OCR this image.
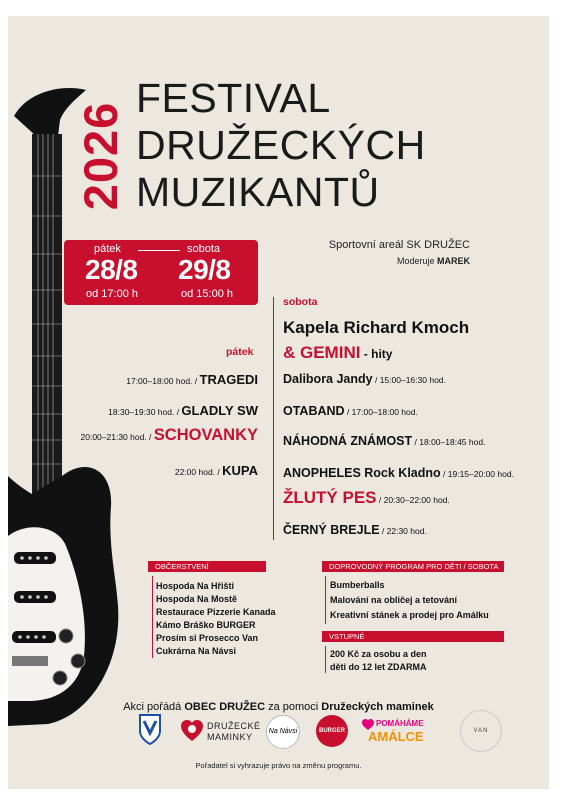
2026
FESTIVAL
DRUŽECKÝCH
MUZIKANTŮ
pátek	sobota
28/8 29/8
od 17:00 h	od 15:00 h
Sportovní areál SK DRUŽEC
Moderuje MAREK
pátek
17:00–18:00 hod. / TRAGEDI
18:30–19:30 hod. / GLADLY SW
20:00–21:30 hod. / SCHOVANKY
22:00 hod. / KUPA
sobota
Kapela Richard Kmoch
& GEMINI - hity
Dalibora Jandy / 15:00–16:30 hod.
OTABAND / 17:00–18:00 hod.
NÁHODNÁ ZNÁMOST / 18:00–18:45 hod.
ANOPHELES Rock Kladno / 19:15–20:00 hod.
ŽLUTÝ PES / 20:30–22:00 hod.
ČERNÝ BREJLE / 22:30 hod.
OBČERSTVENÍ
Hospoda Na Hřišti
Hospoda Na Mostě
Restaurace Pizzerie Kanada
Kámo Bráško BURGER
Prosím si Prosecco Van
Cukrárna Na Návsi
DOPROVODNÝ PROGRAM PRO DĚTI / SOBOTA
Bumberballs
Malování na obličej a tetování
Kreativní stánek a prodej pro Amálku
VSTUPNÉ
200 Kč za osobu a den
děti do 12 let ZDARMA
Akci pořádá OBEC DRUŽEC za pomoci Družeckých maminek
DRUŽECKÉ
MAMINKY
Na Návsi	BURGER
POMÁHÁME
AMÁLCE	VAN
Pořadatel si vyhrazuje právo na změnu programu.
